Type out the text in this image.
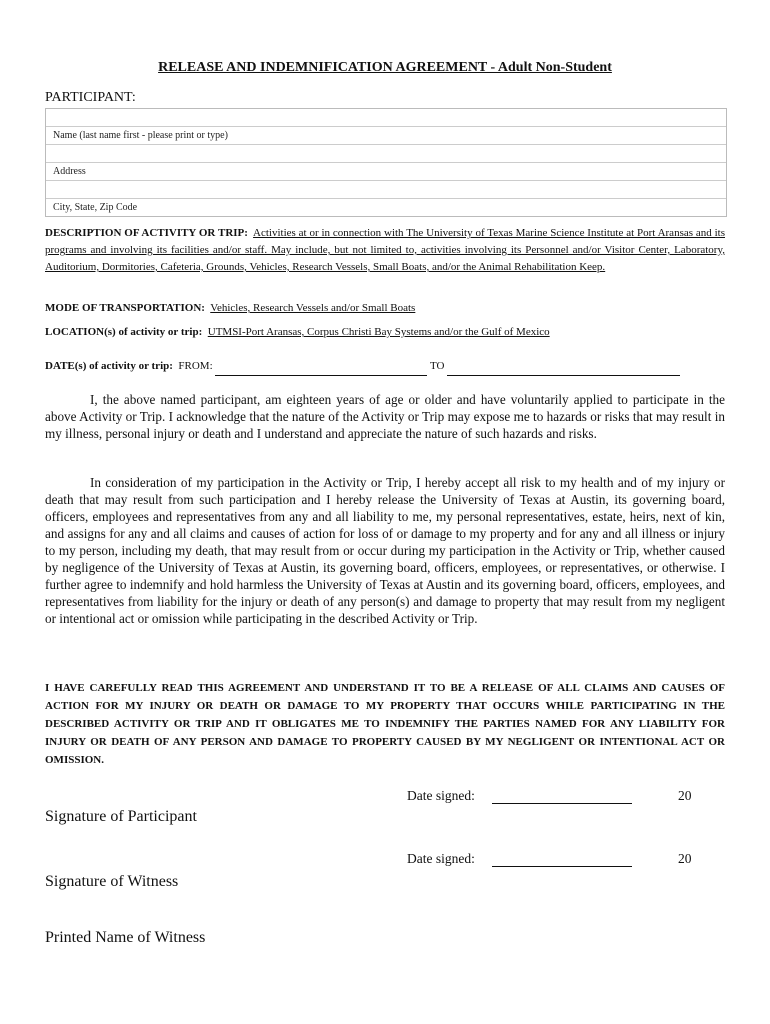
RELEASE AND INDEMNIFICATION AGREEMENT - Adult Non-Student
PARTICIPANT:
Name (last name first - please print or type)
Address
City, State, Zip Code
DESCRIPTION OF ACTIVITY OR TRIP: Activities at or in connection with The University of Texas Marine Science Institute at Port Aransas and its programs and involving its facilities and/or staff. May include, but not limited to, activities involving its Personnel and/or Visitor Center, Laboratory, Auditorium, Dormitories, Cafeteria, Grounds, Vehicles, Research Vessels, Small Boats, and/or the Animal Rehabilitation Keep.
MODE OF TRANSPORTATION: Vehicles, Research Vessels and/or Small Boats
LOCATION(s) of activity or trip: UTMSI-Port Aransas, Corpus Christi Bay Systems and/or the Gulf of Mexico
DATE(s) of activity or trip: FROM:	TO
I, the above named participant, am eighteen years of age or older and have voluntarily applied to participate in the above Activity or Trip. I acknowledge that the nature of the Activity or Trip may expose me to hazards or risks that may result in my illness, personal injury or death and I understand and appreciate the nature of such hazards and risks.
In consideration of my participation in the Activity or Trip, I hereby accept all risk to my health and of my injury or death that may result from such participation and I hereby release the University of Texas at Austin, its governing board, officers, employees and representatives from any and all liability to me, my personal representatives, estate, heirs, next of kin, and assigns for any and all claims and causes of action for loss of or damage to my property and for any and all illness or injury to my person, including my death, that may result from or occur during my participation in the Activity or Trip, whether caused by negligence of the University of Texas at Austin, its governing board, officers, employees, or representatives, or otherwise. I further agree to indemnify and hold harmless the University of Texas at Austin and its governing board, officers, employees, and representatives from liability for the injury or death of any person(s) and damage to property that may result from my negligent or intentional act or omission while participating in the described Activity or Trip.
I HAVE CAREFULLY READ THIS AGREEMENT AND UNDERSTAND IT TO BE A RELEASE OF ALL CLAIMS AND CAUSES OF ACTION FOR MY INJURY OR DEATH OR DAMAGE TO MY PROPERTY THAT OCCURS WHILE PARTICIPATING IN THE DESCRIBED ACTIVITY OR TRIP AND IT OBLIGATES ME TO INDEMNIFY THE PARTIES NAMED FOR ANY LIABILITY FOR INJURY OR DEATH OF ANY PERSON AND DAMAGE TO PROPERTY CAUSED BY MY NEGLIGENT OR INTENTIONAL ACT OR OMISSION.
Date signed:	20
Signature of Participant
Date signed:	20
Signature of Witness
Printed Name of Witness
